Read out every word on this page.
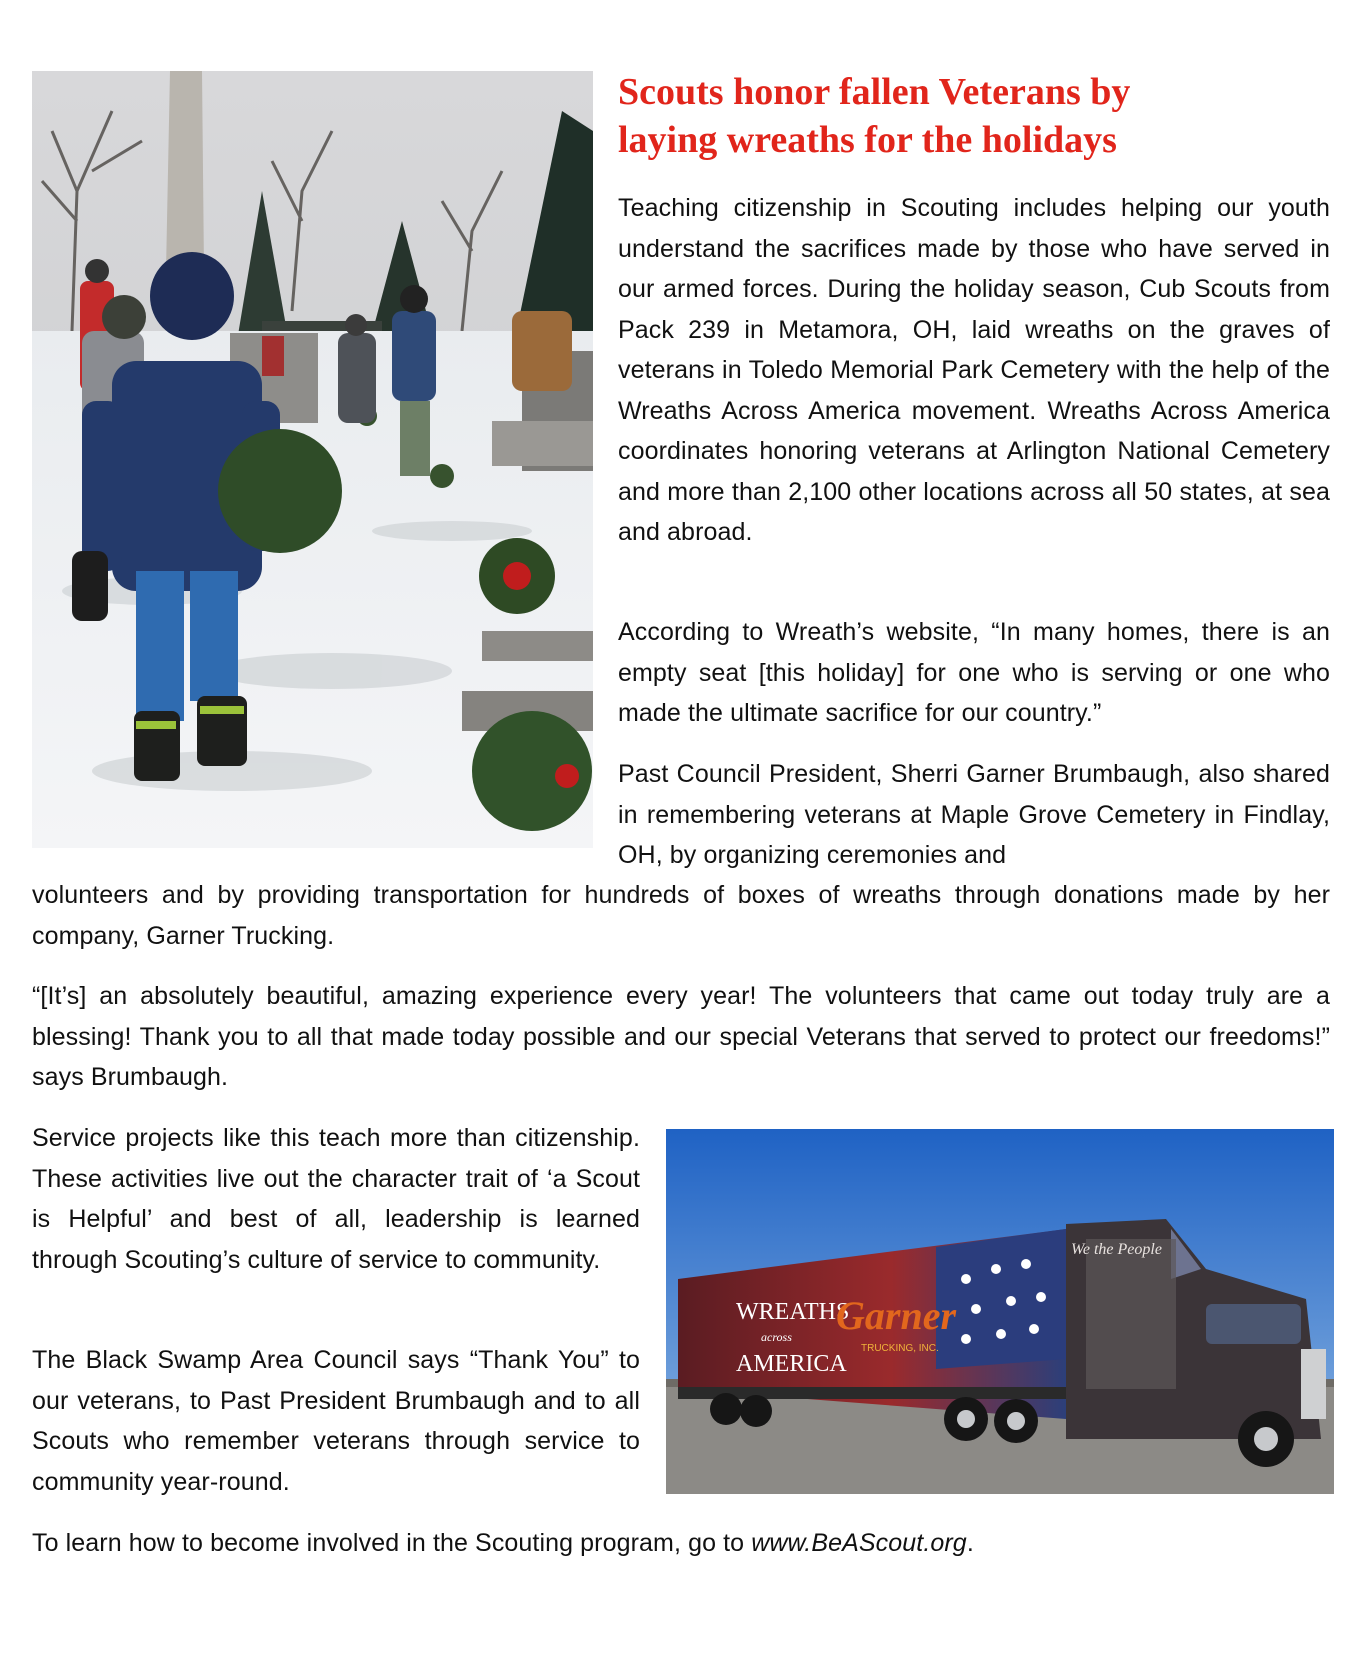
Scouts honor fallen Veterans by
laying wreaths for the holidays

Teaching citizenship in Scouting includes helping our youth understand the sacrifices made by those who have served in our armed forces. During the holiday season, Cub Scouts from Pack 239 in Metamora, OH, laid wreaths on the graves of veterans in Toledo Memorial Park Cemetery with the help of the Wreaths Across America movement. Wreaths Across America coordinates honoring veterans at Arlington National Cemetery and more than 2,100 other locations across all 50 states, at sea and abroad.

According to Wreath’s website, “In many homes, there is an empty seat [this holiday] for one who is serving or one who made the ultimate sacrifice for our country.”

Past Council President, Sherri Garner Brumbaugh, also shared in remembering veterans at Maple Grove Cemetery in Findlay, OH, by organizing ceremonies and

volunteers and by providing transportation for hundreds of boxes of wreaths through donations made by her company, Garner Trucking.

“[It’s] an absolutely beautiful, amazing experience every year! The volunteers that came out today truly are a blessing! Thank you to all that made today possible and our special Veterans that served to protect our freedoms!” says Brumbaugh.

Service projects like this teach more than citizenship. These activities live out the character trait of ‘a Scout is Helpful’ and best of all, leadership is learned through Scouting’s culture of service to community.

The Black Swamp Area Council says “Thank You” to our veterans, to Past President Brumbaugh and to all Scouts who remember veterans through service to community year-round.

WREATHS
across
AMERICA
Garner
TRUCKING, INC.
We the People

To learn how to become involved in the Scouting program, go to www.BeAScout.org.
